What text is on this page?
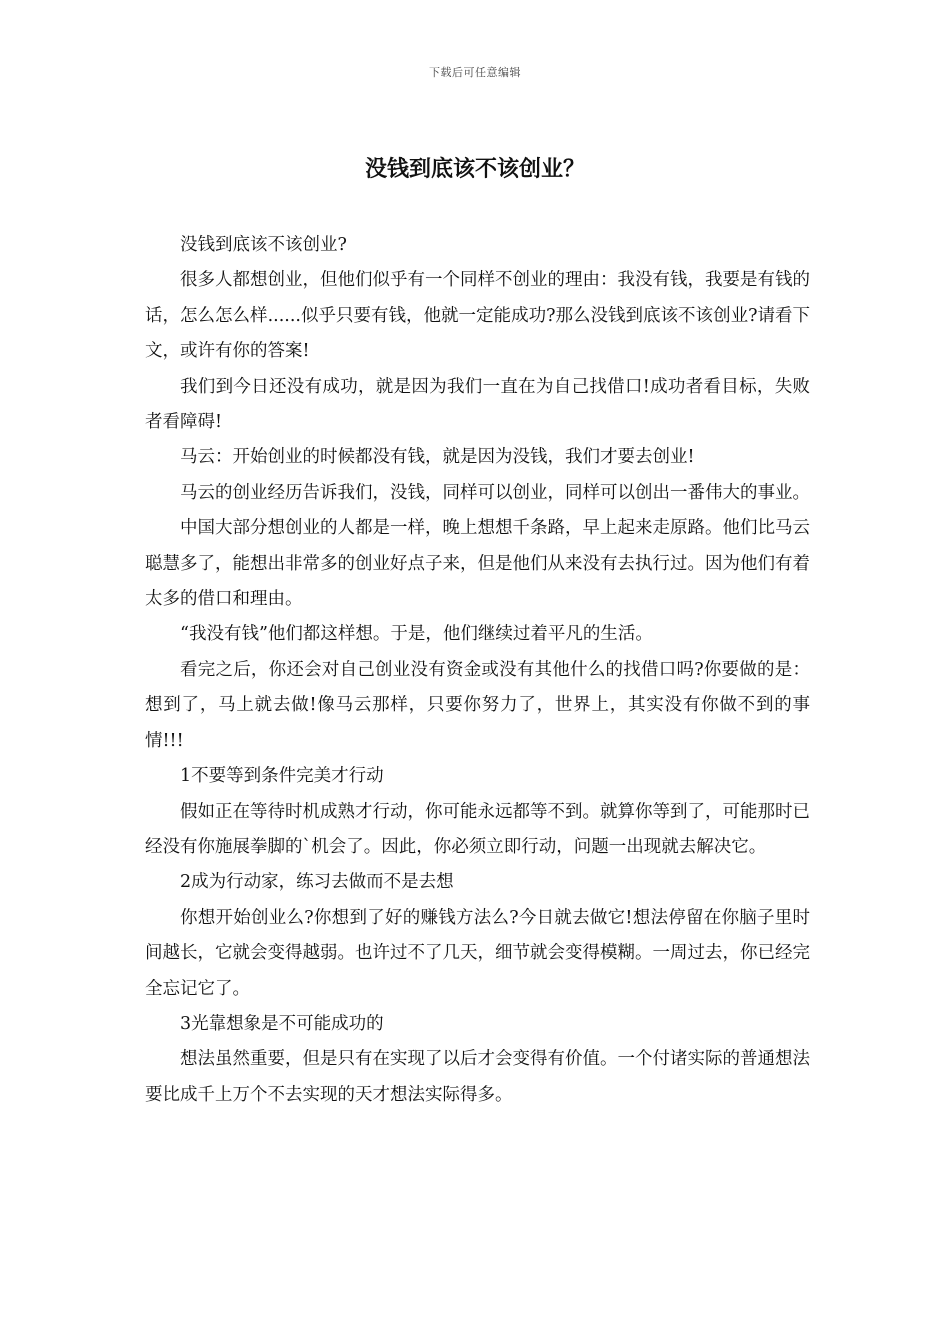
下载后可任意编辑
没钱到底该不该创业？

没钱到底该不该创业?

很多人都想创业，但他们似乎有一个同样不创业的理由：我没有钱，我要是有钱的话，怎么怎么样......似乎只要有钱，他就一定能成功?那么没钱到底该不该创业?请看下文，或许有你的答案!

我们到今日还没有成功，就是因为我们一直在为自己找借口!成功者看目标，失败者看障碍!

马云：开始创业的时候都没有钱，就是因为没钱，我们才要去创业!

马云的创业经历告诉我们，没钱，同样可以创业，同样可以创出一番伟大的事业。

中国大部分想创业的人都是一样，晚上想想千条路，早上起来走原路。他们比马云聪慧多了，能想出非常多的创业好点子来，但是他们从来没有去执行过。因为他们有着太多的借口和理由。

“我没有钱”他们都这样想。于是，他们继续过着平凡的生活。

看完之后，你还会对自己创业没有资金或没有其他什么的找借口吗?你要做的是：想到了，马上就去做!像马云那样，只要你努力了，世界上，其实没有你做不到的事情!!!

1不要等到条件完美才行动

假如正在等待时机成熟才行动，你可能永远都等不到。就算你等到了，可能那时已经没有你施展拳脚的`机会了。因此，你必须立即行动，问题一出现就去解决它。

2成为行动家，练习去做而不是去想

你想开始创业么?你想到了好的赚钱方法么?今日就去做它!想法停留在你脑子里时间越长，它就会变得越弱。也许过不了几天，细节就会变得模糊。一周过去，你已经完全忘记它了。

3光靠想象是不可能成功的

想法虽然重要，但是只有在实现了以后才会变得有价值。一个付诸实际的普通想法要比成千上万个不去实现的天才想法实际得多。
